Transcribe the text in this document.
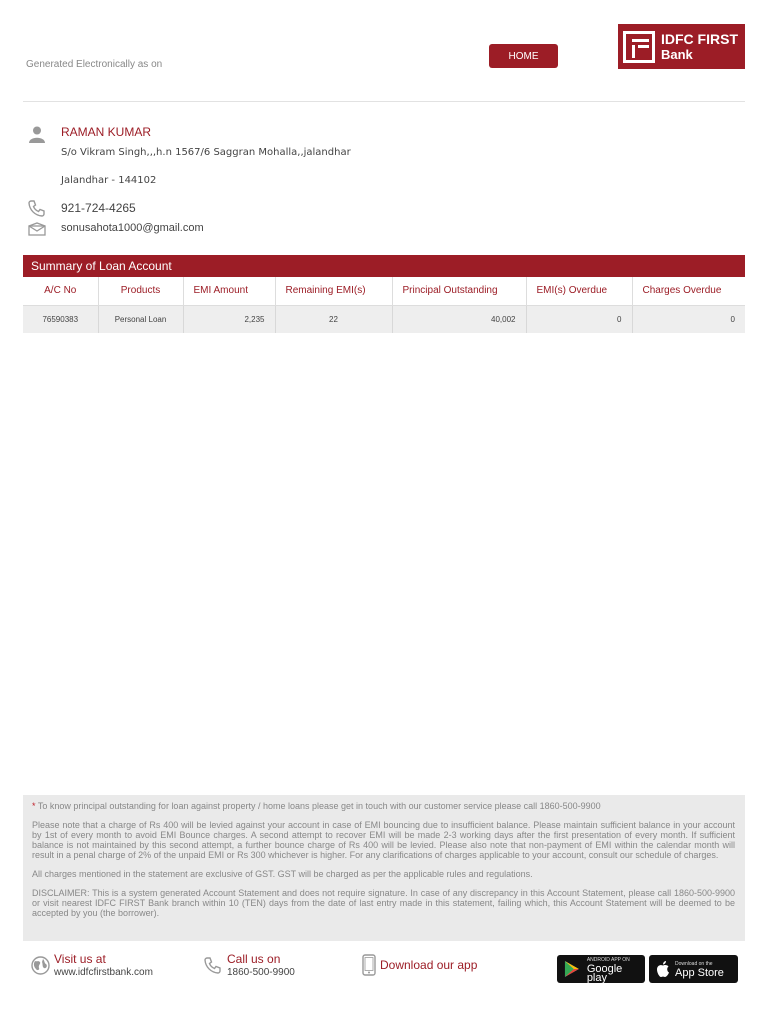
Generated Electronically as on
HOME
IDFC FIRST
Bank
RAMAN KUMAR
S/o Vikram Singh,,,h.n 1567/6 Saggran Mohalla,,jalandhar
Jalandhar - 144102
921-724-4265
sonusahota1000@gmail.com
Summary of Loan Account
A/C No	Products	EMI Amount	Remaining EMI(s)	Principal Outstanding	EMI(s) Overdue	Charges Overdue
76590383	Personal Loan	2,235	22	40,002	0	0

* To know principal outstanding for loan against property / home loans please get in touch with our customer service please call 1860-500-9900

Please note that a charge of Rs 400 will be levied against your account in case of EMI bouncing due to insufficient balance. Please maintain sufficient balance in your account by 1st of every month to avoid EMI Bounce charges. A second attempt to recover EMI will be made 2-3 working days after the first presentation of every month. If sufficient balance is not maintained by this second attempt, a further bounce charge of Rs 400 will be levied. Please also note that non-payment of EMI within the calendar month will result in a penal charge of 2% of the unpaid EMI or Rs 300 whichever is higher. For any clarifications of charges applicable to your account, consult our schedule of charges.

All charges mentioned in the statement are exclusive of GST. GST will be charged as per the applicable rules and regulations.

DISCLAIMER: This is a system generated Account Statement and does not require signature. In case of any discrepancy in this Account Statement, please call 1860-500-9900 or visit nearest IDFC FIRST Bank branch within 10 (TEN) days from the date of last entry made in this statement, failing which, this Account Statement will be deemed to be accepted by you (the borrower).

Visit us at
www.idfcfirstbank.com
Call us on
1860-500-9900
Download our app	ANDROID APP ON
Google play
Download on the
App Store
